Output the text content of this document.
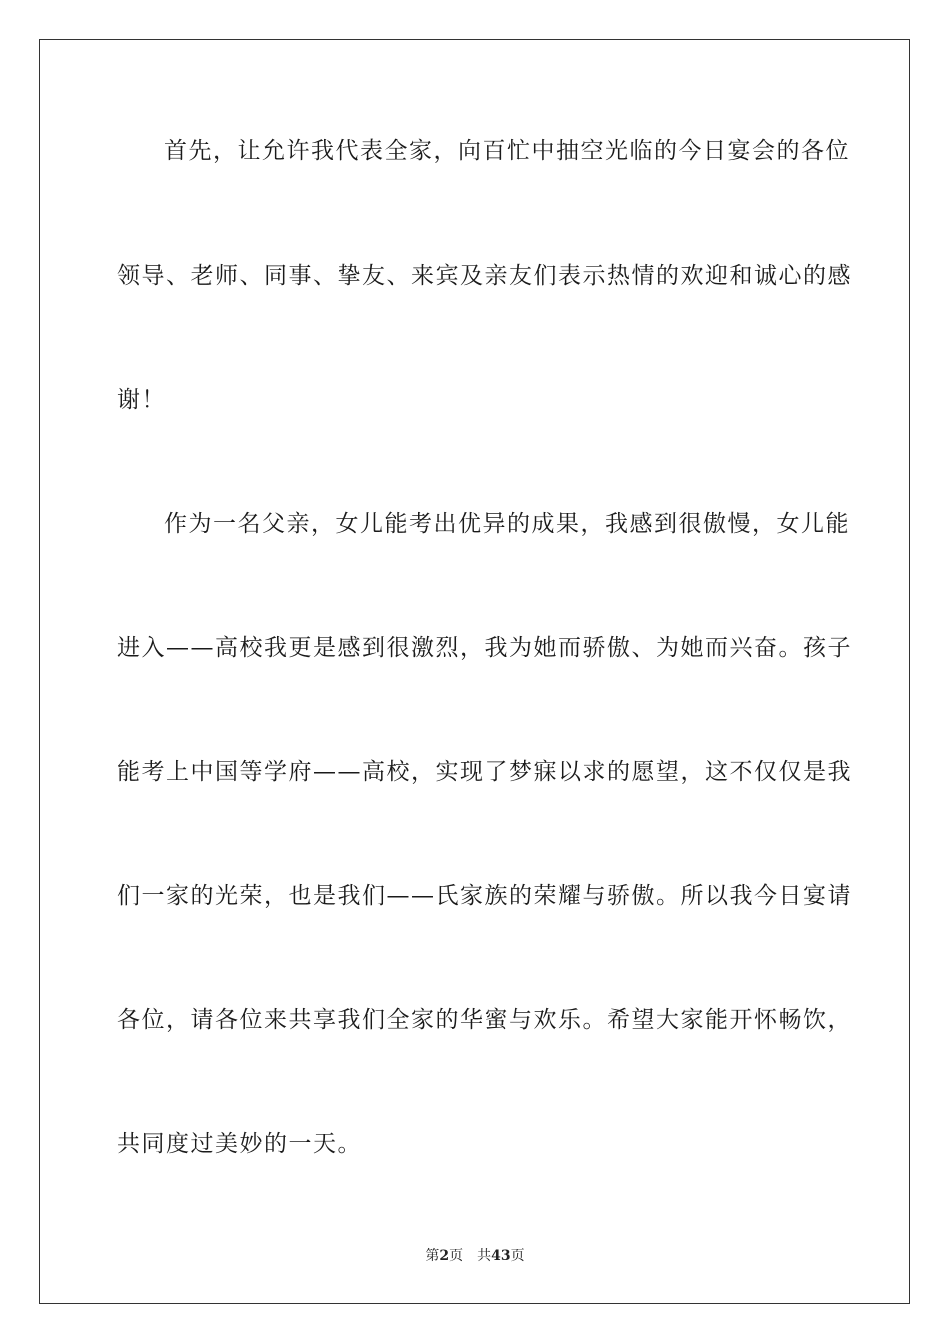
首先，让允许我代表全家，向百忙中抽空光临的今日宴会的各位
领导、老师、同事、挚友、来宾及亲友们表示热情的欢迎和诚心的感
谢！
作为一名父亲，女儿能考出优异的成果，我感到很傲慢，女儿能
进入——高校我更是感到很激烈，我为她而骄傲、为她而兴奋。孩子
能考上中国等学府——高校，实现了梦寐以求的愿望，这不仅仅是我
们一家的光荣，也是我们——氏家族的荣耀与骄傲。所以我今日宴请
各位，请各位来共享我们全家的华蜜与欢乐。希望大家能开怀畅饮，
共同度过美妙的一天。
第2页 共43页
